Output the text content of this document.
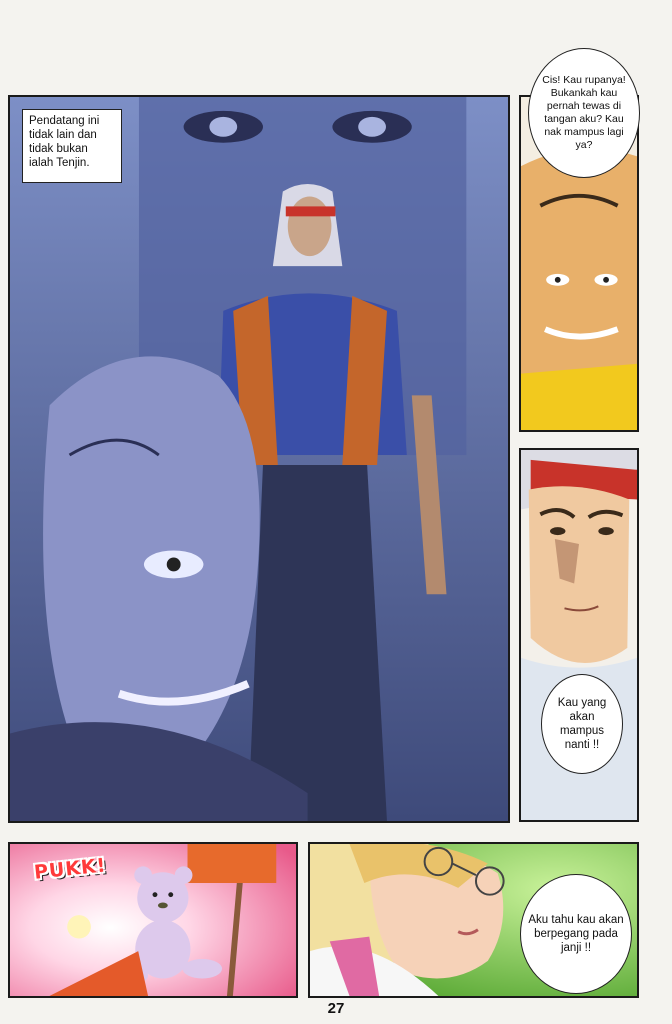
Pendatang ini tidak lain dan tidak bukan ialah Tenjin.
Cis! Kau rupanya! Bukankah kau pernah tewas di tangan aku? Kau nak mampus lagi ya?
Kau yang akan mampus nanti !!
PUKK!
Aku tahu kau akan berpegang pada janji !!
27
